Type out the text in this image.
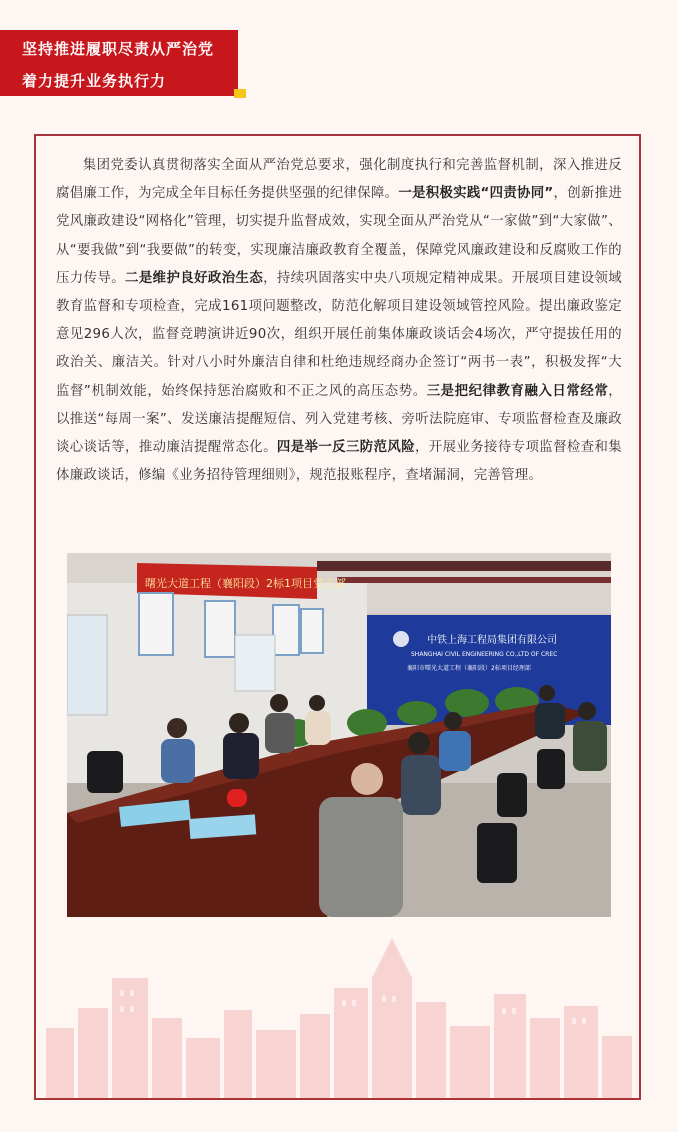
坚持推进履职尽责从严治党
着力提升业务执行力

集团党委认真贯彻落实全面从严治党总要求，强化制度执行和完善监督机制，深入推进反腐倡廉工作，为完成全年目标任务提供坚强的纪律保障。一是积极实践“四责协同”，创新推进党风廉政建设“网格化”管理，切实提升监督成效，实现全面从严治党从“一家做”到“大家做”、从“要我做”到“我要做”的转变，实现廉洁廉政教育全覆盖，保障党风廉政建设和反腐败工作的压力传导。二是维护良好政治生态，持续巩固落实中央八项规定精神成果。开展项目建设领域教育监督和专项检查，完成161项问题整改，防范化解项目建设领域管控风险。提出廉政鉴定意见296人次，监督竞聘演讲近90次，组织开展任前集体廉政谈话会4场次，严守提拔任用的政治关、廉洁关。针对八小时外廉洁自律和杜绝违规经商办企签订“两书一表”，积极发挥“大监督”机制效能，始终保持惩治腐败和不正之风的高压态势。三是把纪律教育融入日常经常，以推送“每周一案”、发送廉洁提醒短信、列入党建考核、旁听法院庭审、专项监督检查及廉政谈心谈话等，推动廉洁提醒常态化。四是举一反三防范风险，开展业务接待专项监督检查和集体廉政谈话，修编《业务招待管理细则》，规范报账程序，查堵漏洞，完善管理。

曙光大道工程（襄阳段）2标1项目党支部
中铁上海工程局集团有限公司
SHANGHAI CIVIL ENGINEERING CO.,LTD OF CREC
襄阳市曙光大道工程（襄阳段）2标项目经理部
